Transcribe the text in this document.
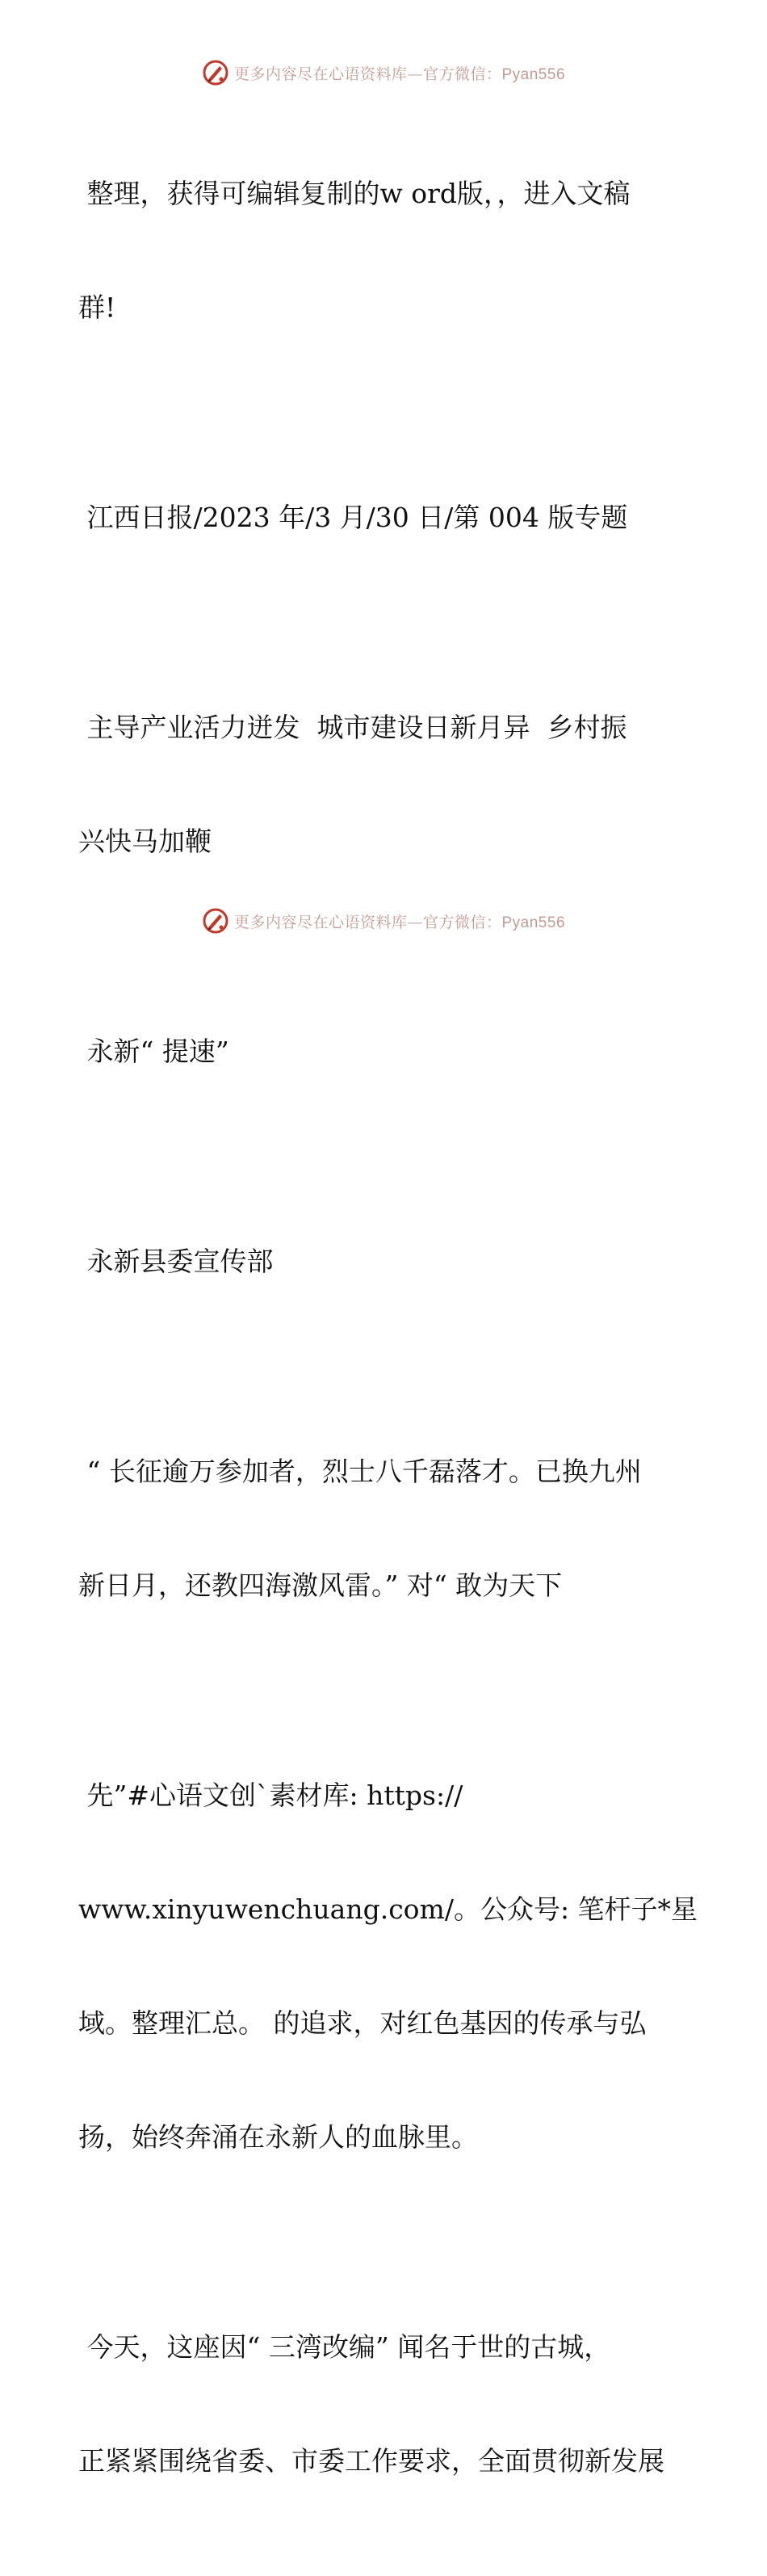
更多内容尽在心语资料库—官方微信：Pyan556

整理，获得可编辑复制的w ord版，，进入文稿

群!

江西日报/2023 年/3 月/30 日/第 004 版专题

主导产业活力迸发  城市建设日新月异  乡村振

兴快马加鞭

永新“ 提速”

永新县委宣传部

“ 长征逾万参加者，烈士八千磊落才。已换九州

新日月，还教四海激风雷。” 对“ 敢为天下

先”#心语文创`素材库: https://

www.xinyuwenchuang.com/。公众号: 笔杆子*星

域。整理汇总。 的追求，对红色基因的传承与弘

扬，始终奔涌在永新人的血脉里。

今天，这座因“ 三湾改编” 闻名于世的古城，

正紧紧围绕省委、市委工作要求，全面贯彻新发展

更多内容尽在心语资料库—官方微信：Pyan556
